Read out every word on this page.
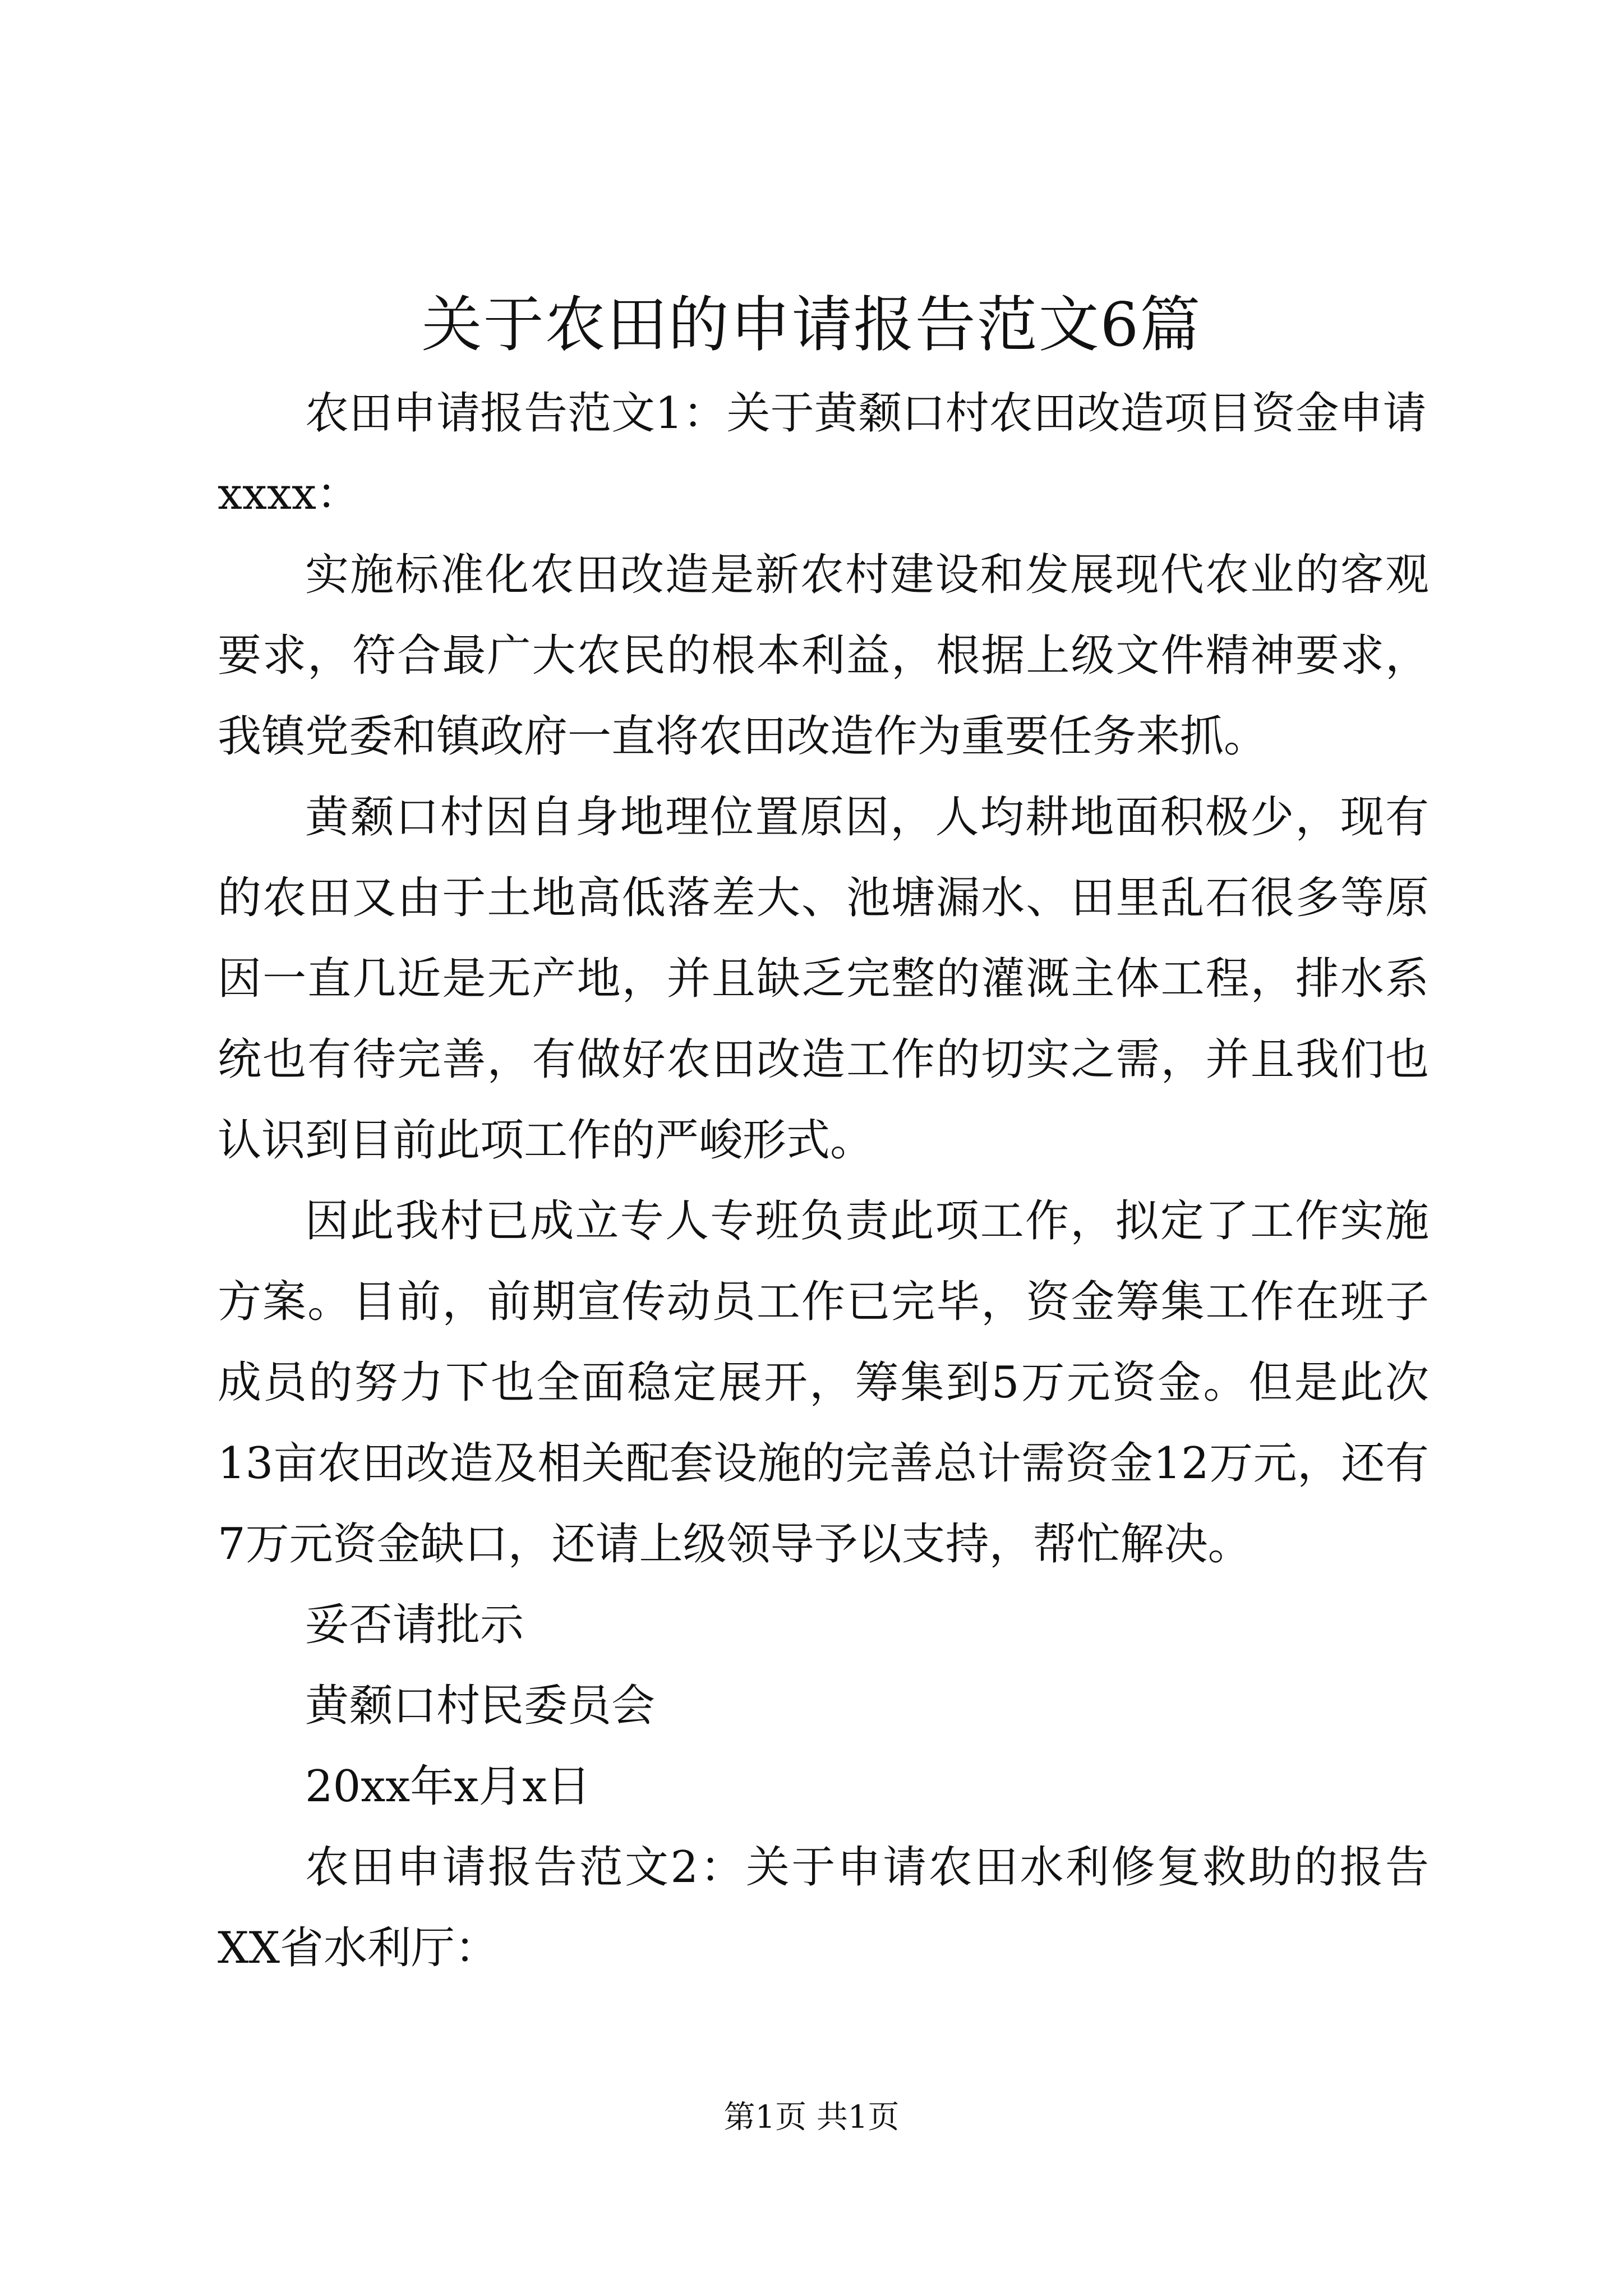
关于农田的申请报告范文6篇

农田申请报告范文1：关于黄颡口村农田改造项目资金申请

xxxx：

实施标准化农田改造是新农村建设和发展现代农业的客观要求，符合最广大农民的根本利益，根据上级文件精神要求，我镇党委和镇政府一直将农田改造作为重要任务来抓。

黄颡口村因自身地理位置原因，人均耕地面积极少，现有的农田又由于土地高低落差大、池塘漏水、田里乱石很多等原因一直几近是无产地，并且缺乏完整的灌溉主体工程，排水系统也有待完善，有做好农田改造工作的切实之需，并且我们也认识到目前此项工作的严峻形式。

因此我村已成立专人专班负责此项工作，拟定了工作实施方案。目前，前期宣传动员工作已完毕，资金筹集工作在班子成员的努力下也全面稳定展开，筹集到5万元资金。但是此次13亩农田改造及相关配套设施的完善总计需资金12万元，还有7万元资金缺口，还请上级领导予以支持，帮忙解决。

妥否请批示

黄颡口村民委员会

20xx年x月x日

农田申请报告范文2：关于申请农田水利修复救助的报告XX省水利厅：

第1页 共1页
